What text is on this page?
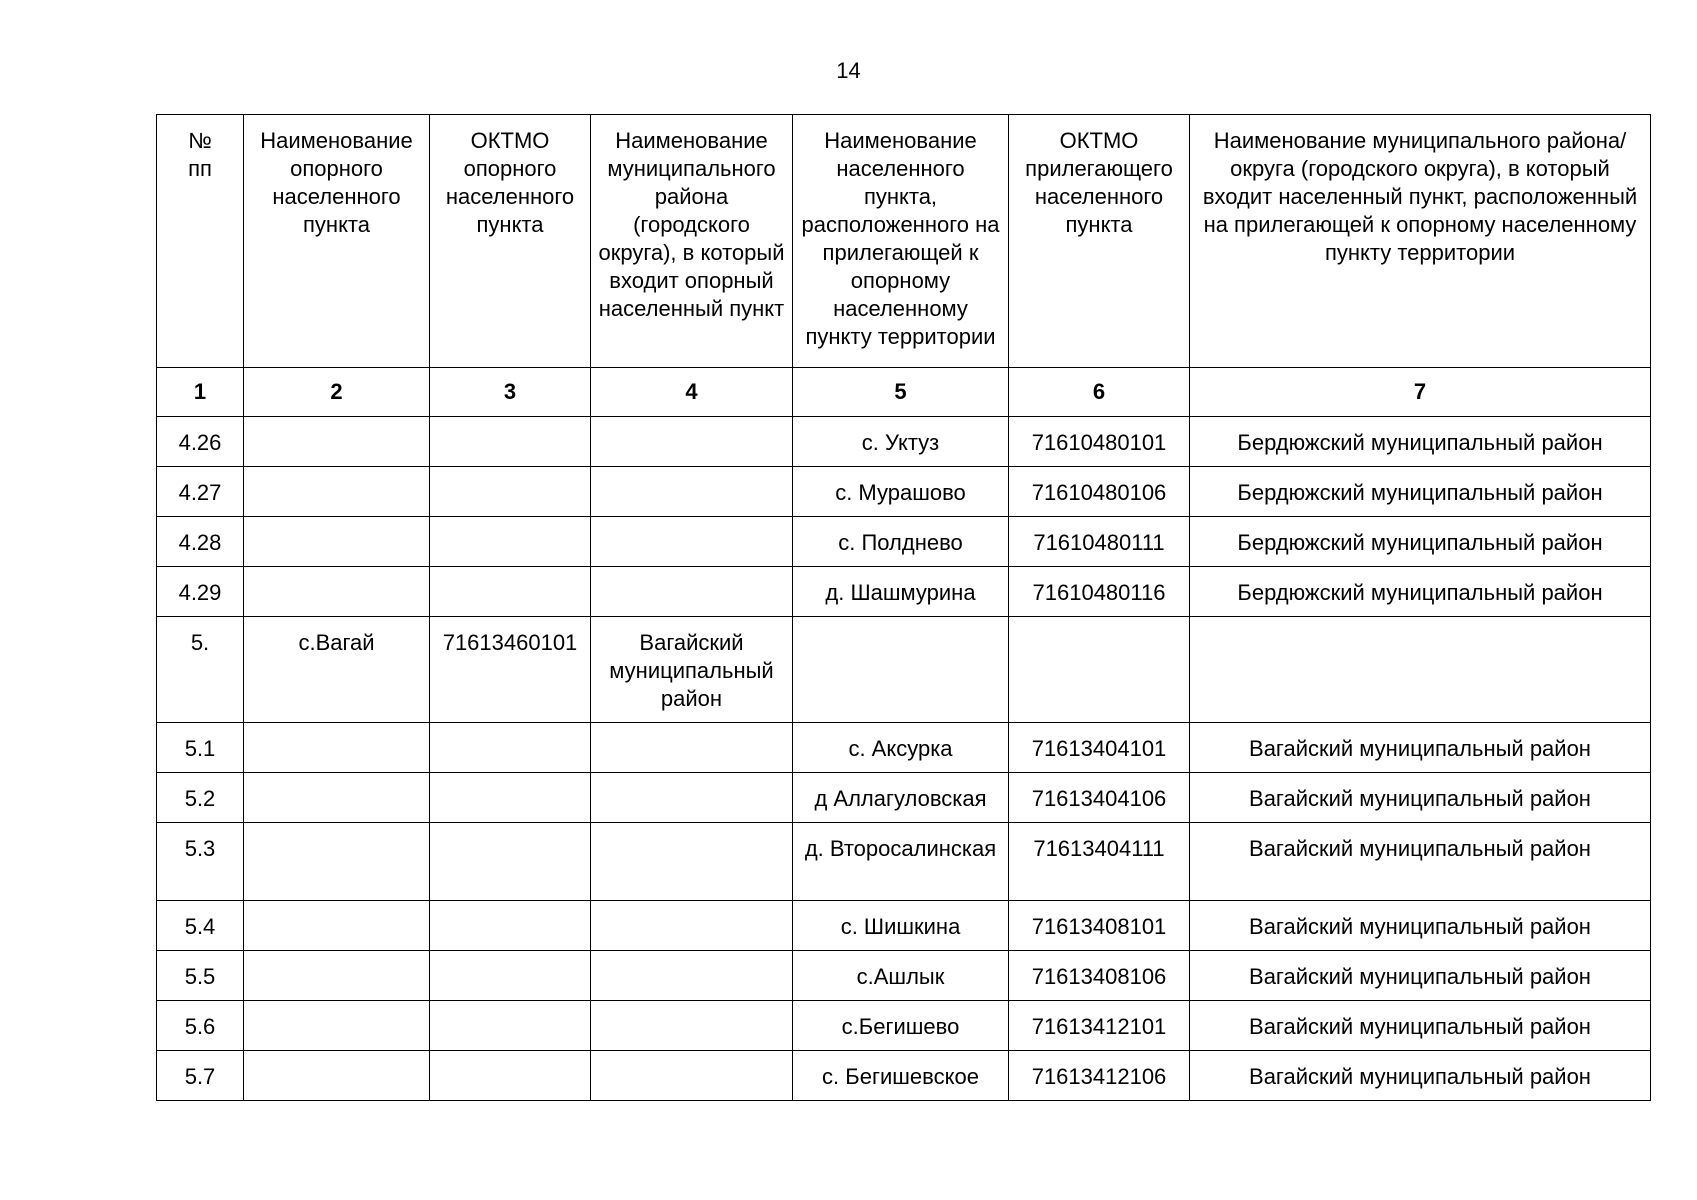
14
№
пп	Наименование опорного населенного пункта	ОКТМО опорного населенного пункта	Наименование муниципального района (городского округа), в который входит опорный населенный пункт	Наименование населенного пункта, расположенного на прилегающей к опорному населенному пункту территории	ОКТМО прилегающего населенного пункта	Наименование муниципального района/округа (городского округа), в который входит населенный пункт, расположенный на прилегающей к опорному населенному пункту территории
1	2	3	4	5	6	7
4.26				с. Уктуз	71610480101	Бердюжский муниципальный район
4.27				с. Мурашово	71610480106	Бердюжский муниципальный район
4.28				с. Полднево	71610480111	Бердюжский муниципальный район
4.29				д. Шашмурина	71610480116	Бердюжский муниципальный район
5.	с.Вагай	71613460101	Вагайский муниципальный район			
5.1				с. Аксурка	71613404101	Вагайский муниципальный район
5.2				д Аллагуловская	71613404106	Вагайский муниципальный район
5.3				д. Второсалинская	71613404111	Вагайский муниципальный район
5.4				с. Шишкина	71613408101	Вагайский муниципальный район
5.5				с.Ашлык	71613408106	Вагайский муниципальный район
5.6				с.Бегишево	71613412101	Вагайский муниципальный район
5.7				с. Бегишевское	71613412106	Вагайский муниципальный район
